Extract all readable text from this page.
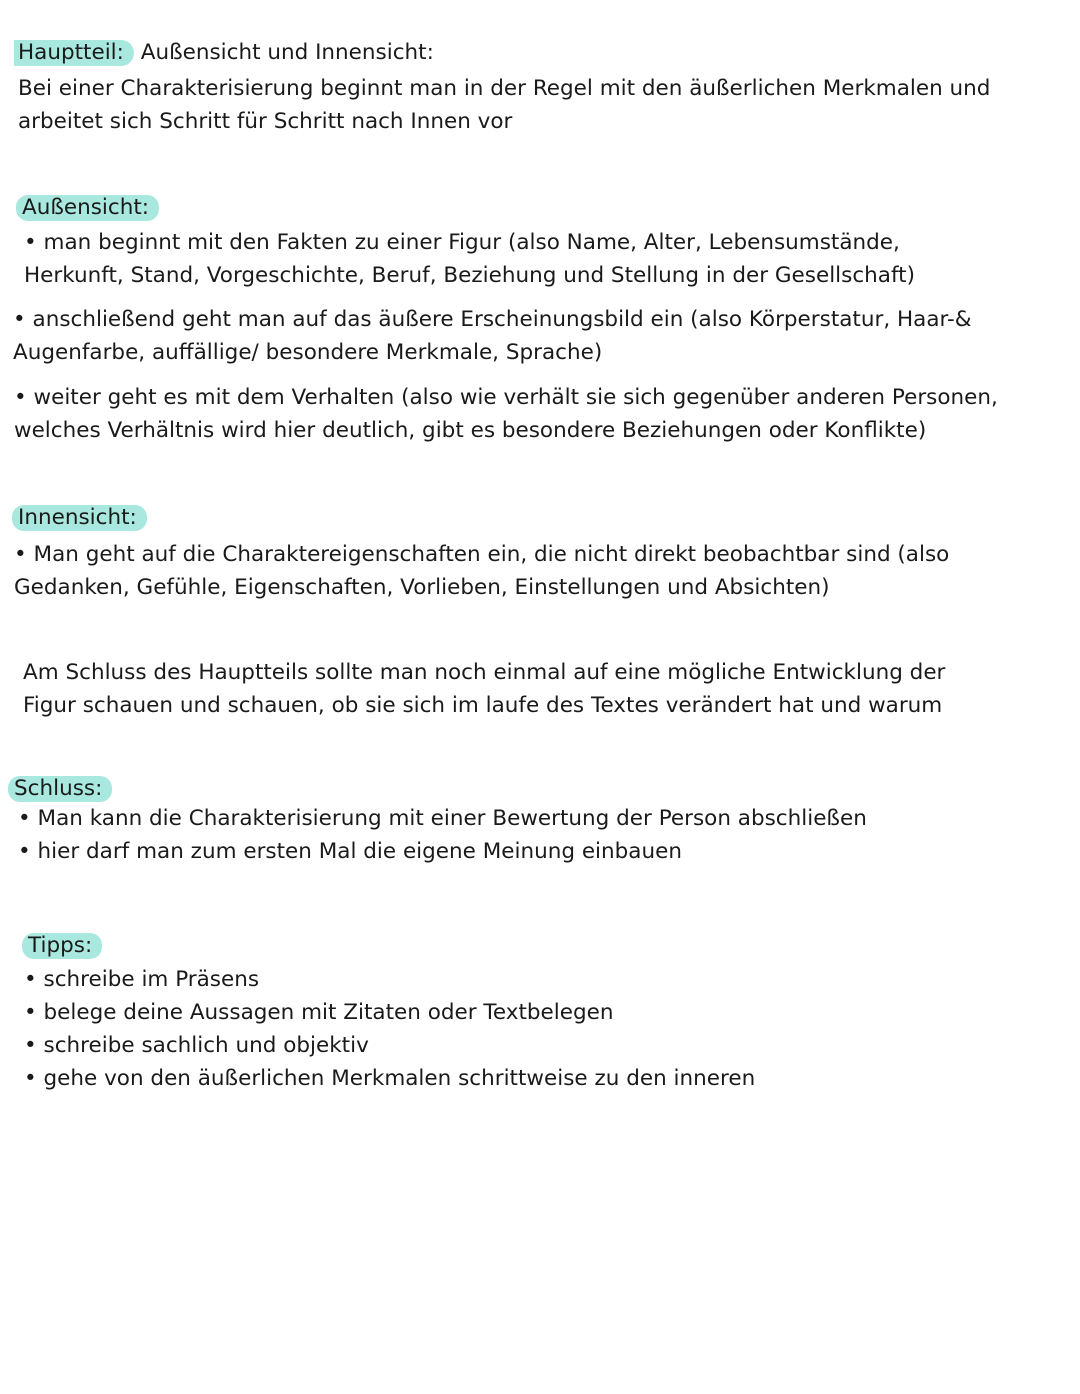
Hauptteil: Außensicht und Innensicht:
Bei einer Charakterisierung beginnt man in der Regel mit den äußerlichen Merkmalen und
arbeitet sich Schritt für Schritt nach Innen vor
Außensicht:
• man beginnt mit den Fakten zu einer Figur (also Name, Alter, Lebensumstände,
Herkunft, Stand, Vorgeschichte, Beruf, Beziehung und Stellung in der Gesellschaft)
• anschließend geht man auf das äußere Erscheinungsbild ein (also Körperstatur, Haar-&
Augenfarbe, auffällige/ besondere Merkmale, Sprache)
• weiter geht es mit dem Verhalten (also wie verhält sie sich gegenüber anderen Personen,
welches Verhältnis wird hier deutlich, gibt es besondere Beziehungen oder Konflikte)
Innensicht:
• Man geht auf die Charaktereigenschaften ein, die nicht direkt beobachtbar sind (also
Gedanken, Gefühle, Eigenschaften, Vorlieben, Einstellungen und Absichten)
Am Schluss des Hauptteils sollte man noch einmal auf eine mögliche Entwicklung der
Figur schauen und schauen, ob sie sich im laufe des Textes verändert hat und warum
Schluss:
• Man kann die Charakterisierung mit einer Bewertung der Person abschließen
• hier darf man zum ersten Mal die eigene Meinung einbauen
Tipps:
• schreibe im Präsens
• belege deine Aussagen mit Zitaten oder Textbelegen
• schreibe sachlich und objektiv
• gehe von den äußerlichen Merkmalen schrittweise zu den inneren
